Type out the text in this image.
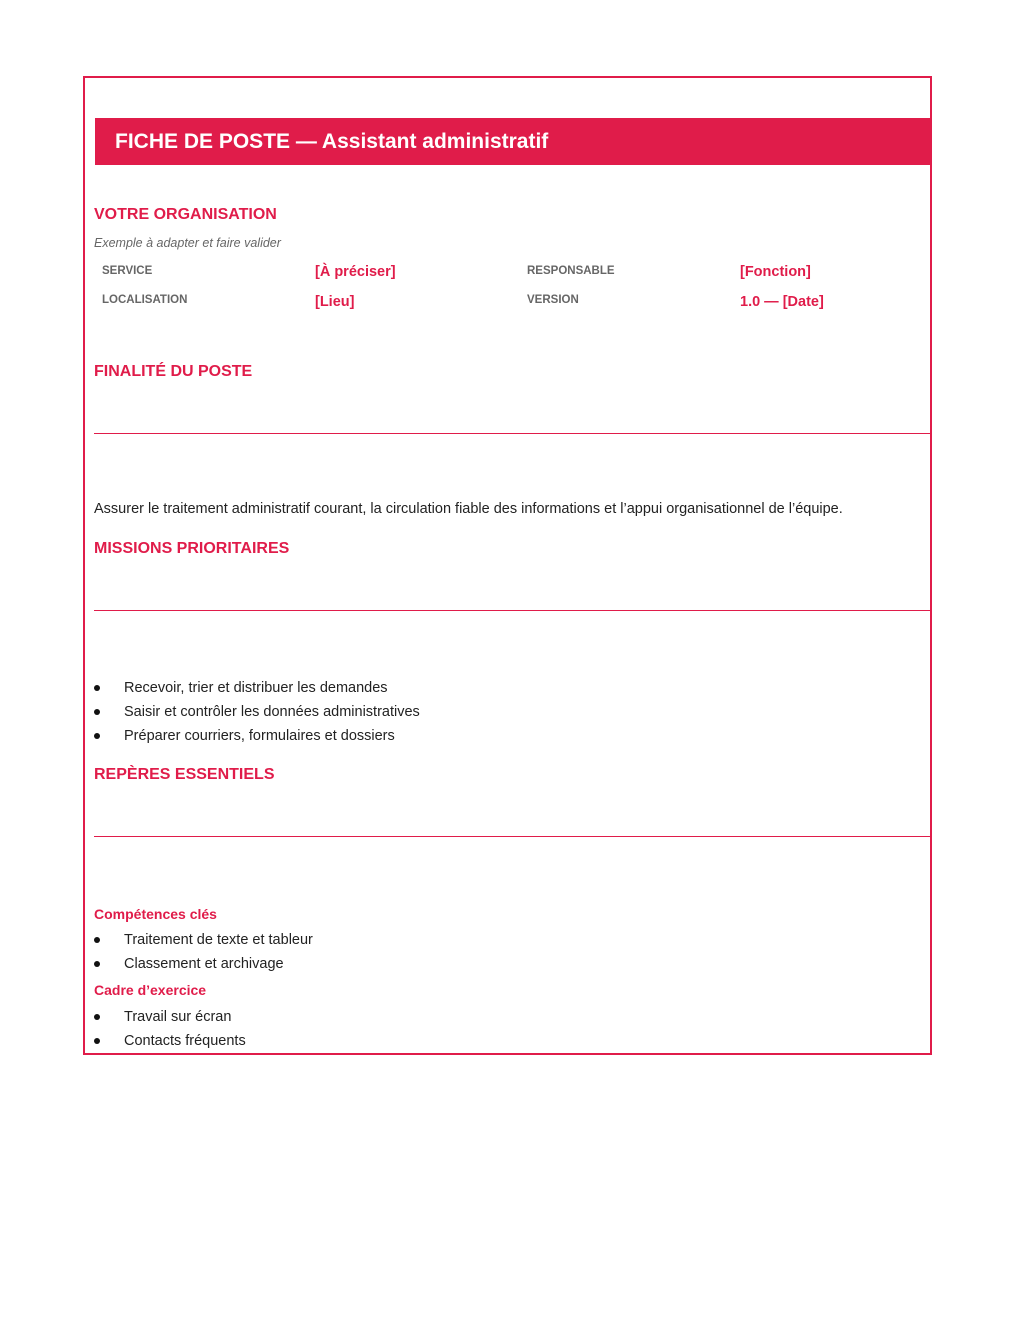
FICHE DE POSTE — Assistant administratif
VOTRE ORGANISATION
Exemple à adapter et faire valider
SERVICE	[À préciser]	RESPONSABLE	[Fonction]
LOCALISATION	[Lieu]	VERSION	1.0 — [Date]
FINALITÉ DU POSTE
Assurer le traitement administratif courant, la circulation fiable des informations et l’appui organisationnel de l’équipe.
MISSIONS PRIORITAIRES
Recevoir, trier et distribuer les demandes
Saisir et contrôler les données administratives
Préparer courriers, formulaires et dossiers
REPÈRES ESSENTIELS
Compétences clés
Traitement de texte et tableur
Classement et archivage
Cadre d’exercice
Travail sur écran
Contacts fréquents
